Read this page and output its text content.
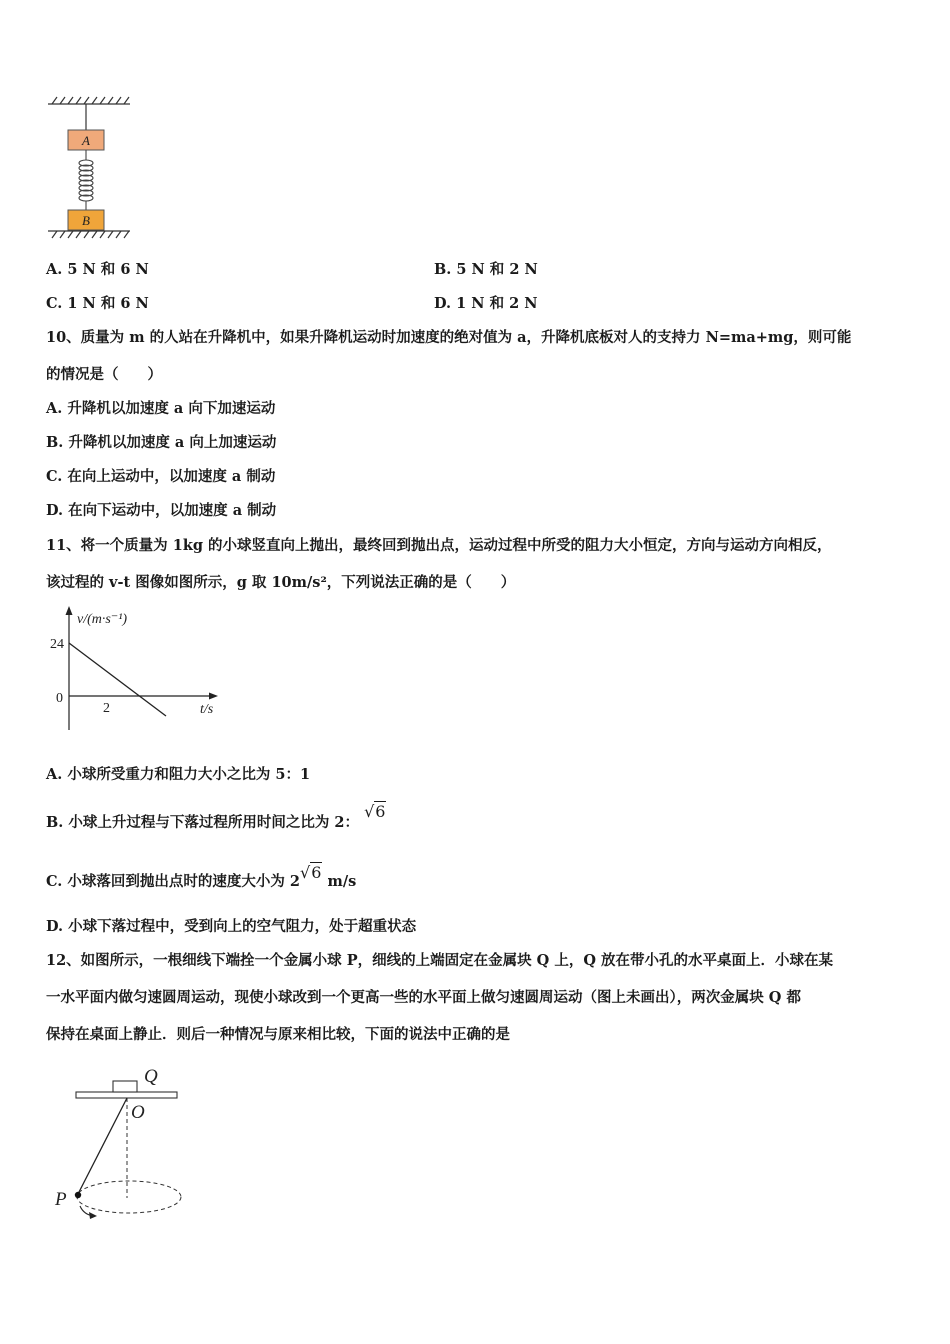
A
B
A. 5 N 和 6 N	B. 5 N 和 2 N
C. 1 N 和 6 N	D. 1 N 和 2 N
10、质量为 m 的人站在升降机中，如果升降机运动时加速度的绝对值为 a，升降机底板对人的支持力 N=ma+mg，则可能
的情况是（　　）
A. 升降机以加速度 a 向下加速运动
B. 升降机以加速度 a 向上加速运动
C. 在向上运动中，以加速度 a 制动
D. 在向下运动中，以加速度 a 制动
11、将一个质量为 1kg 的小球竖直向上抛出，最终回到抛出点，运动过程中所受的阻力大小恒定，方向与运动方向相反，
该过程的 v-t 图像如图所示，g 取 10m/s²，下列说法正确的是（　　）
v/(m·s⁻¹)
24
0
2	t/s
A. 小球所受重力和阻力大小之比为 5：1
B. 小球上升过程与下落过程所用时间之比为 2： √6
C. 小球落回到抛出点时的速度大小为 2√6 m/s
D. 小球下落过程中，受到向上的空气阻力，处于超重状态
12、如图所示，一根细线下端拴一个金属小球 P，细线的上端固定在金属块 Q 上，Q 放在带小孔的水平桌面上．小球在某
一水平面内做匀速圆周运动，现使小球改到一个更高一些的水平面上做匀速圆周运动（图上未画出），两次金属块 Q 都
保持在桌面上静止．则后一种情况与原来相比较，下面的说法中正确的是
Q
O
P
